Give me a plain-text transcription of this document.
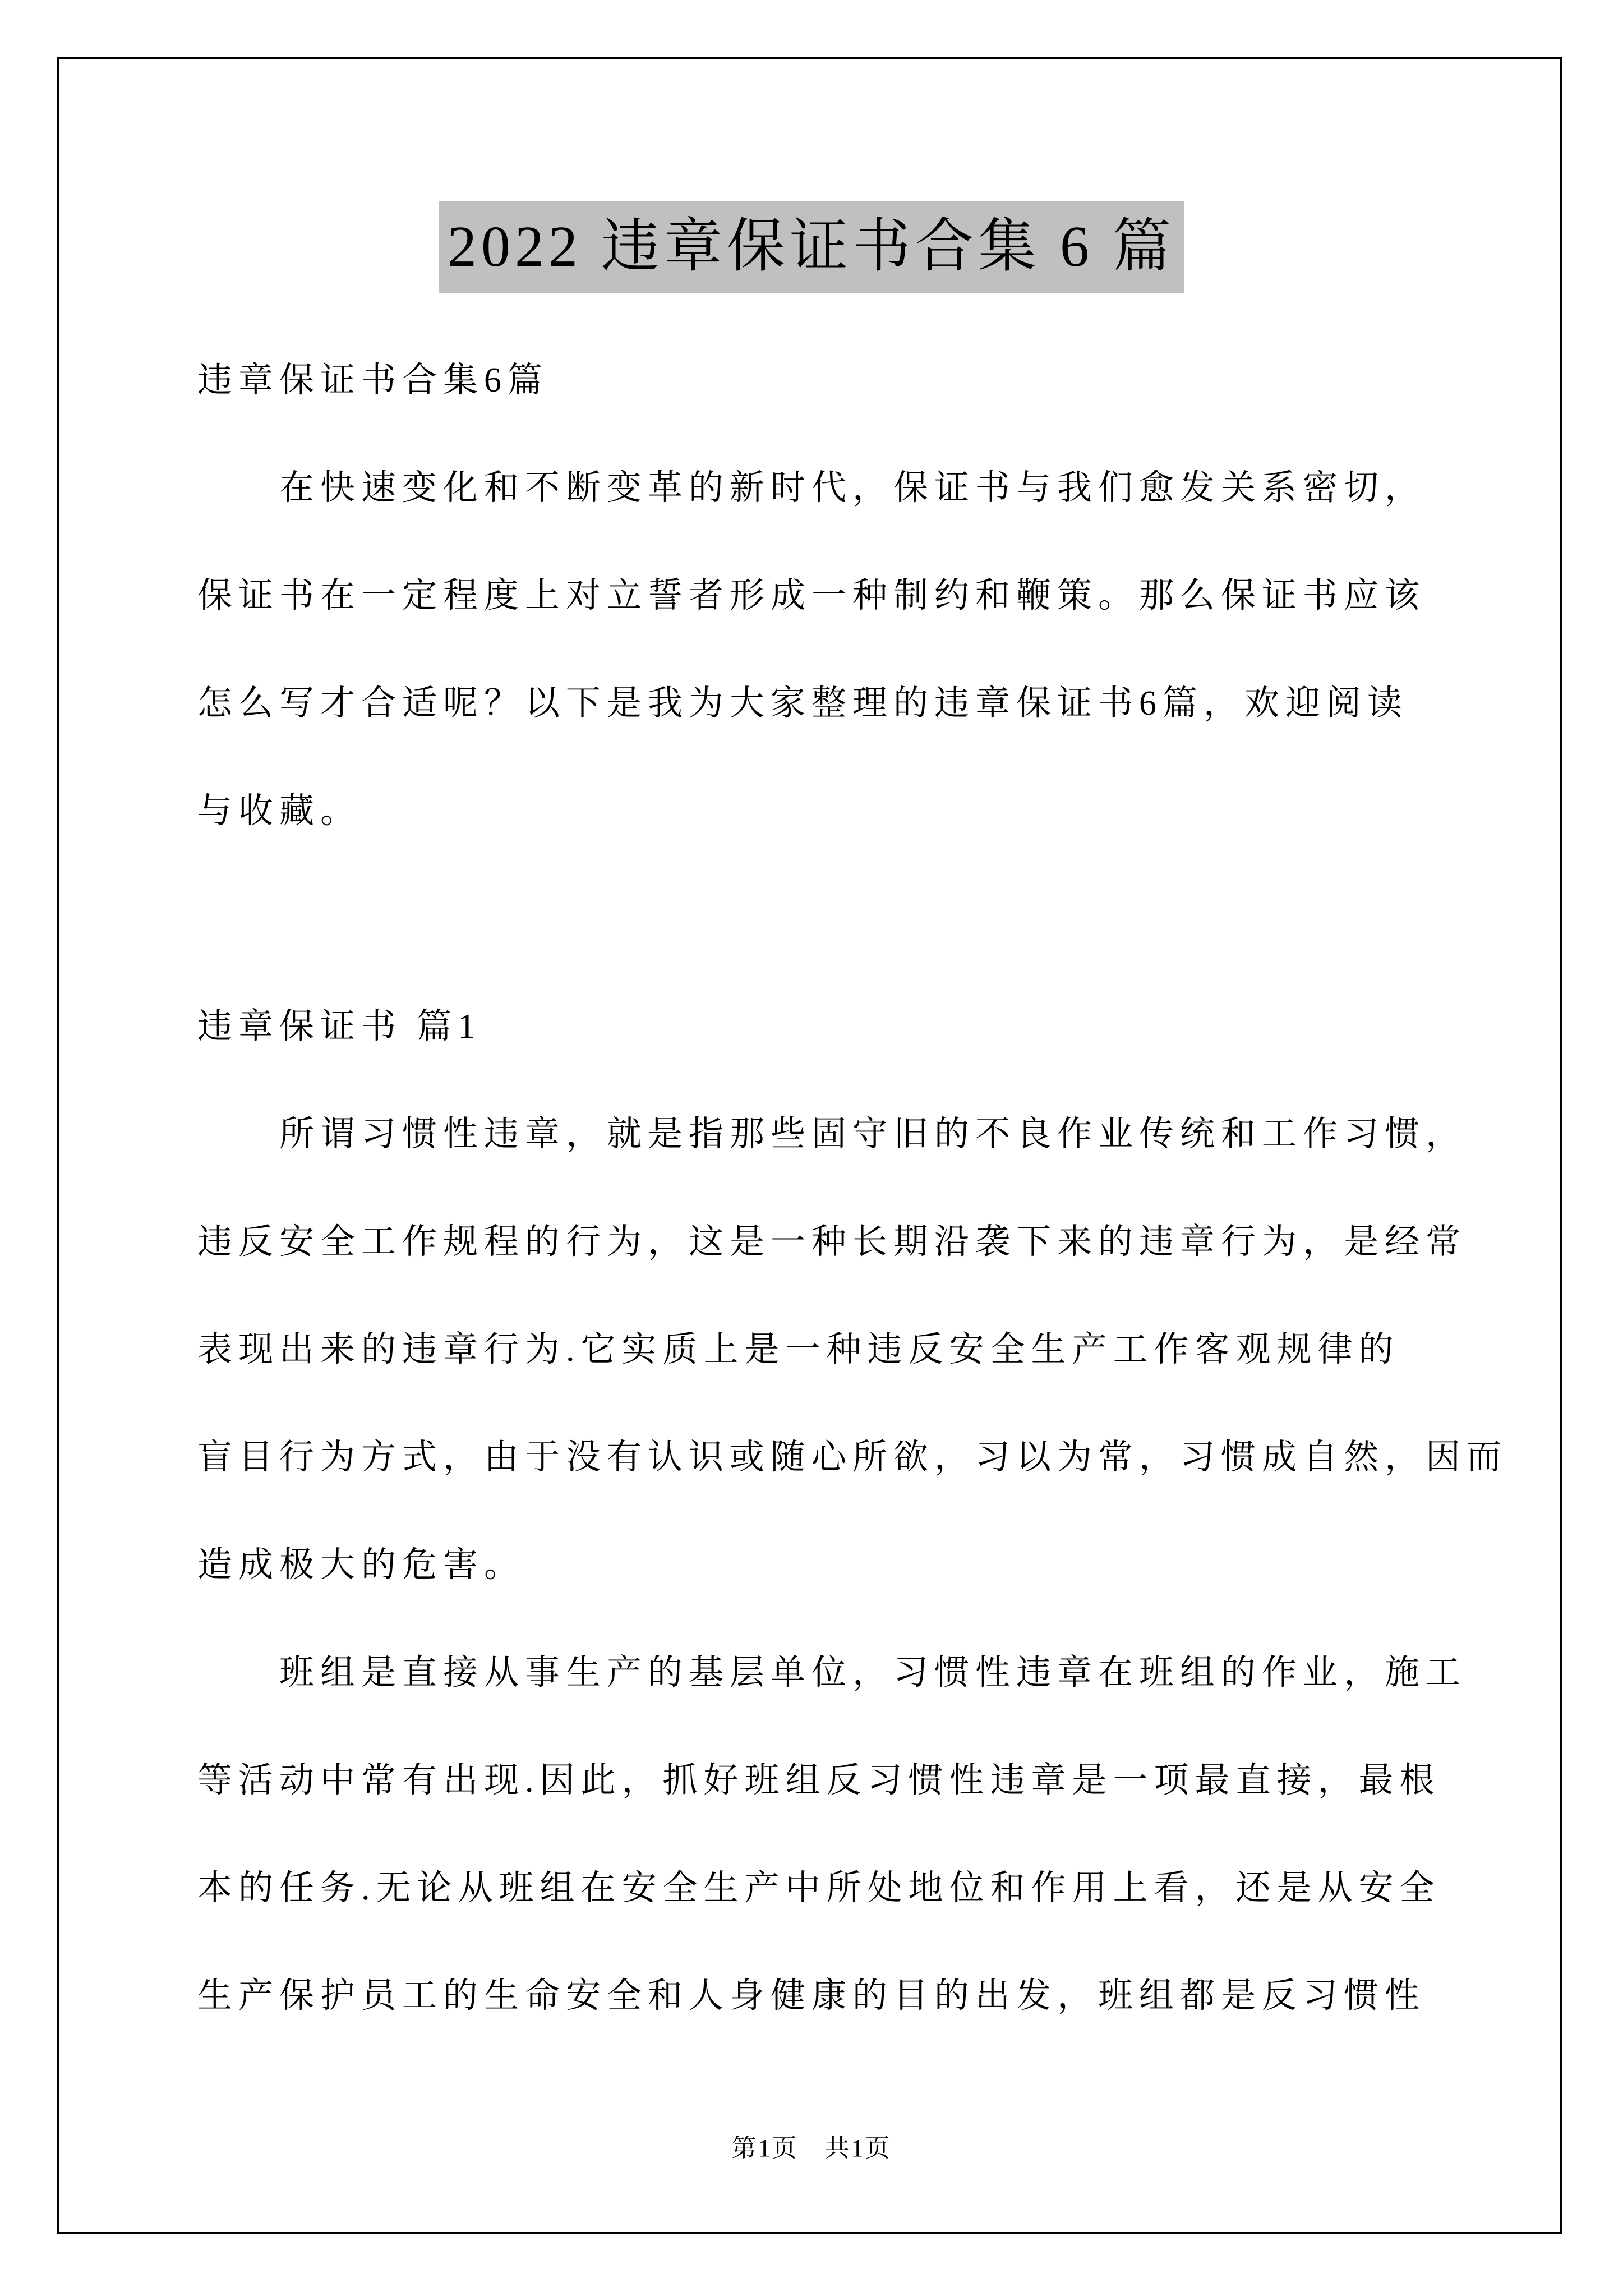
2022 违章保证书合集 6 篇
违章保证书合集6篇
在快速变化和不断变革的新时代，保证书与我们愈发关系密切，
保证书在一定程度上对立誓者形成一种制约和鞭策。那么保证书应该
怎么写才合适呢？以下是我为大家整理的违章保证书6篇，欢迎阅读
与收藏。
违章保证书 篇1
所谓习惯性违章，就是指那些固守旧的不良作业传统和工作习惯，
违反安全工作规程的行为，这是一种长期沿袭下来的违章行为，是经常
表现出来的违章行为.它实质上是一种违反安全生产工作客观规律的
盲目行为方式，由于没有认识或随心所欲，习以为常，习惯成自然，因而
造成极大的危害。
班组是直接从事生产的基层单位，习惯性违章在班组的作业，施工
等活动中常有出现.因此，抓好班组反习惯性违章是一项最直接，最根
本的任务.无论从班组在安全生产中所处地位和作用上看，还是从安全
生产保护员工的生命安全和人身健康的目的出发，班组都是反习惯性
第1页　共1页
